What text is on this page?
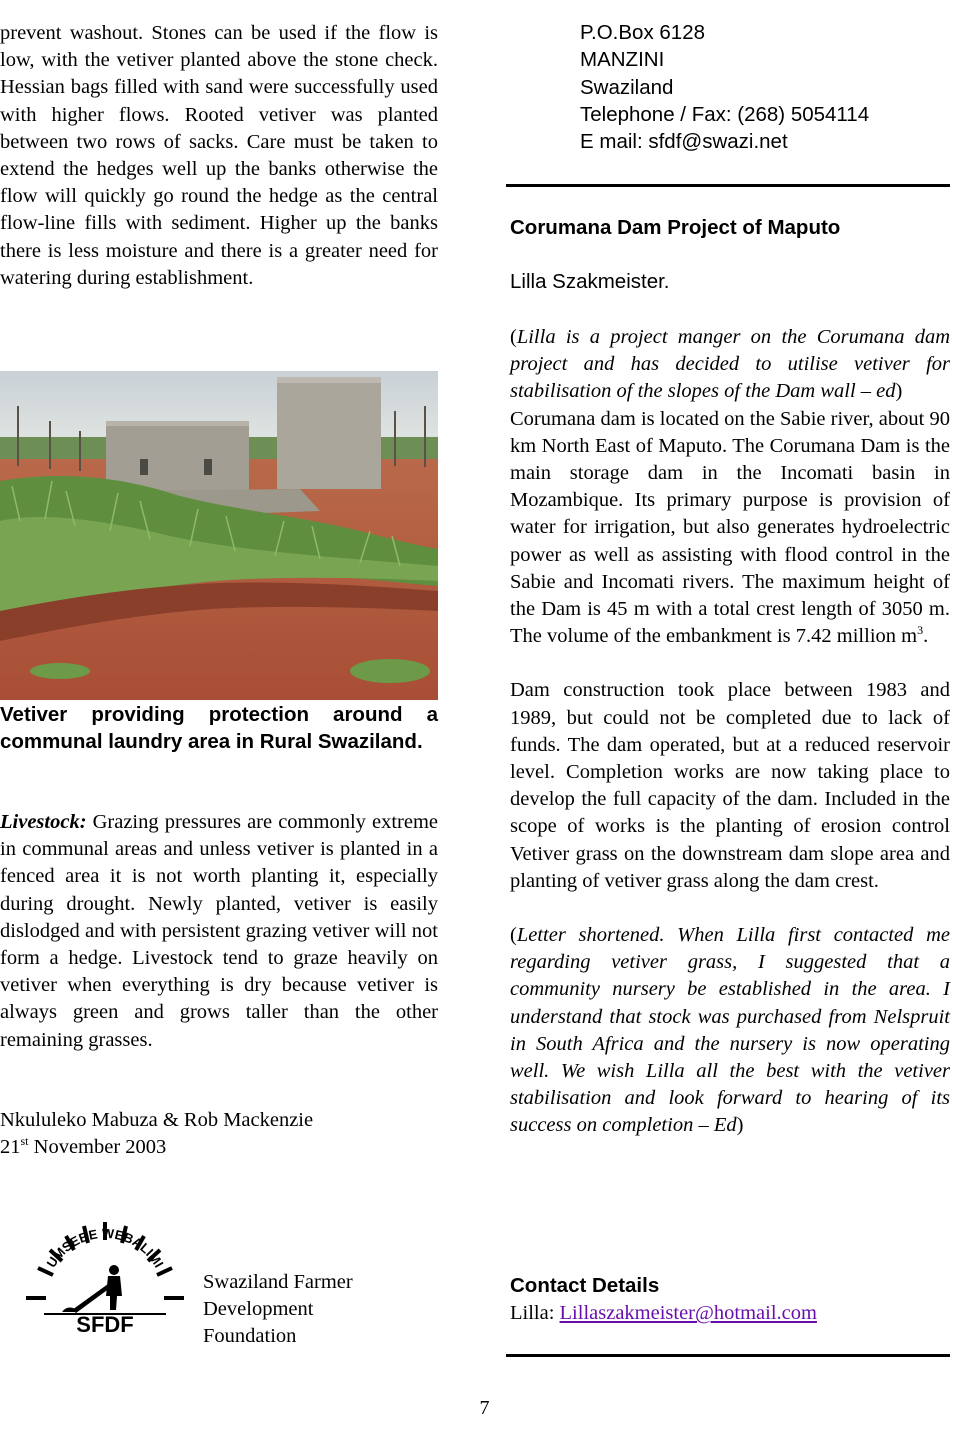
prevent washout. Stones can be used if the flow is low, with the vetiver planted above the stone check. Hessian bags filled with sand were successfully used with higher flows. Rooted vetiver was planted between two rows of sacks. Care must be taken to extend the hedges well up the banks otherwise the flow will quickly go round the hedge as the central flow-line fills with sediment. Higher up the banks there is less moisture and there is a greater need for watering during establishment.

Vetiver providing protection around a communal laundry area in Rural Swaziland.

Livestock: Grazing pressures are commonly extreme in communal areas and unless vetiver is planted in a fenced area it is not worth planting it, especially during drought. Newly planted, vetiver is easily dislodged and with persistent grazing vetiver will not form a hedge. Livestock tend to graze heavily on vetiver when everything is dry because vetiver is always green and grows taller than the other remaining grasses.

Nkululeko Mabuza & Rob Mackenzie

21st November 2003

UMSEBE WEBALIMI
SFDF

Swaziland Farmer

Development

Foundation

P.O.Box 6128

MANZINI

Swaziland

Telephone / Fax: (268) 5054114

E mail: sfdf@swazi.net

Corumana Dam Project of Maputo

Lilla Szakmeister.

(Lilla is a project manger on the Corumana dam project and has decided to utilise vetiver for stabilisation of the slopes of the Dam wall – ed)

Corumana dam is located on the Sabie river, about 90 km North East of Maputo. The Corumana Dam is the main storage dam in the Incomati basin in Mozambique. Its primary purpose is provision of water for irrigation, but also generates hydroelectric power as well as assisting with flood control in the Sabie and Incomati rivers. The maximum height of the Dam is 45 m with a total crest length of 3050 m. The volume of the embankment is 7.42 million $m^3$.

Dam construction took place between 1983 and 1989, but could not be completed due to lack of funds. The dam operated, but at a reduced reservoir level. Completion works are now taking place to develop the full capacity of the dam. Included in the scope of works is the planting of erosion control Vetiver grass on the downstream dam slope area and planting of vetiver grass along the dam crest.

(Letter shortened. When Lilla first contacted me regarding vetiver grass, I suggested that a community nursery be established in the area. I understand that stock was purchased from Nelspruit in South Africa and the nursery is now operating well. We wish Lilla all the best with the vetiver stabilisation and look forward to hearing of its success on completion – Ed)

Contact Details

Lilla: Lillaszakmeister@hotmail.com

7
